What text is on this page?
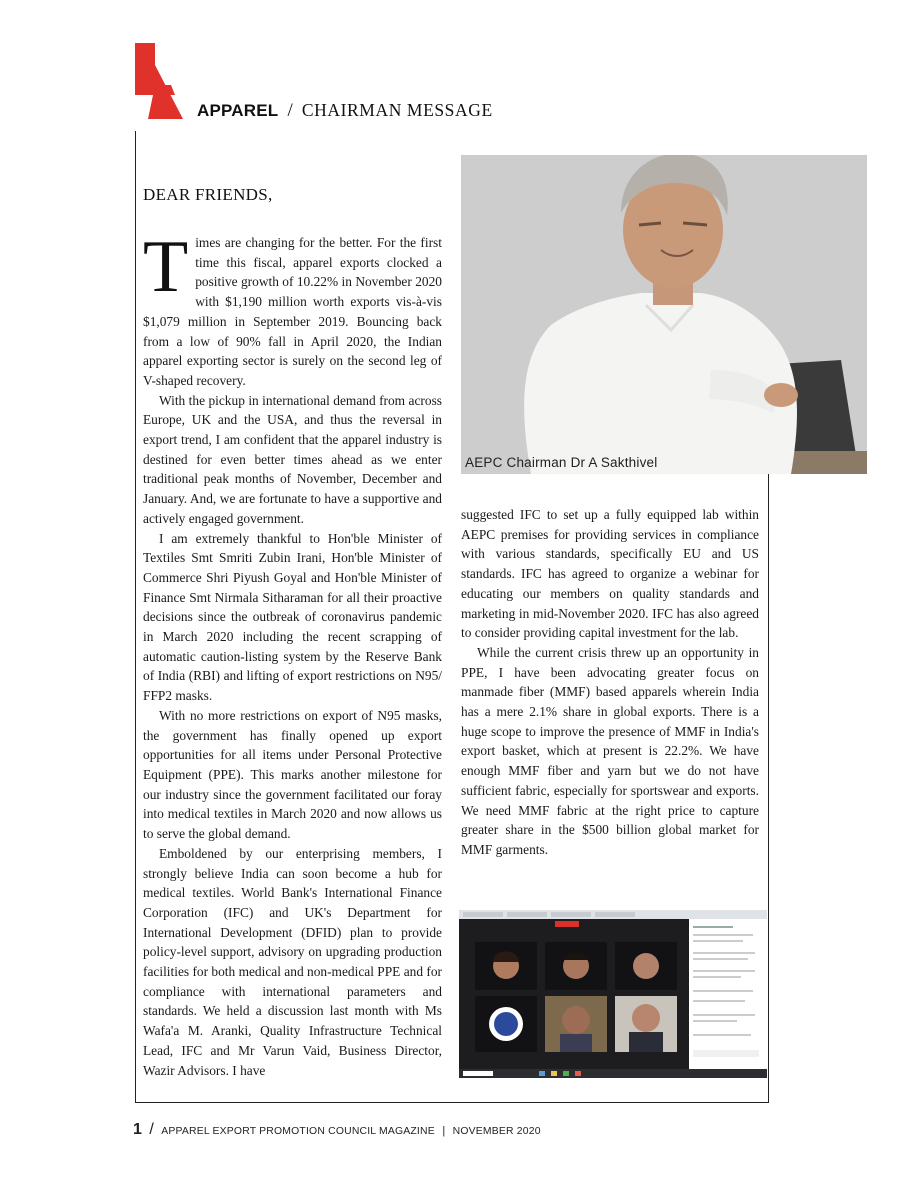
APPAREL / CHAIRMAN MESSAGE
DEAR FRIENDS,

Times are changing for the better. For the first time this fiscal, apparel exports clocked a positive growth of 10.22% in November 2020 with $1,190 million worth exports vis-à-vis $1,079 million in September 2019. Bouncing back from a low of 90% fall in April 2020, the Indian apparel exporting sector is surely on the second leg of V-shaped recovery.

With the pickup in international demand from across Europe, UK and the USA, and thus the reversal in export trend, I am confident that the apparel industry is destined for even better times ahead as we enter traditional peak months of November, December and January. And, we are fortunate to have a supportive and actively engaged government.

I am extremely thankful to Hon'ble Minister of Textiles Smt Smriti Zubin Irani, Hon'ble Minister of Commerce Shri Piyush Goyal and Hon'ble Minister of Finance Smt Nirmala Sitharaman for all their proactive decisions since the outbreak of coronavirus pandemic in March 2020 including the recent scrapping of automatic caution-listing system by the Reserve Bank of India (RBI) and lifting of export restrictions on N95/ FFP2 masks.

With no more restrictions on export of N95 masks, the government has finally opened up export opportunities for all items under Personal Protective Equipment (PPE). This marks another milestone for our industry since the government facilitated our foray into medical textiles in March 2020 and now allows us to serve the global demand.

Emboldened by our enterprising members, I strongly believe India can soon become a hub for medical textiles. World Bank's International Finance Corporation (IFC) and UK's Department for International Development (DFID) plan to provide policy-level support, advisory on upgrading production facilities for both medical and non-medical PPE and for compliance with international parameters and standards. We held a discussion last month with Ms Wafa'a M. Aranki, Quality Infrastructure Technical Lead, IFC and Mr Varun Vaid, Business Director, Wazir Advisors. I have

AEPC Chairman Dr A Sakthivel

suggested IFC to set up a fully equipped lab within AEPC premises for providing services in compliance with various standards, specifically EU and US standards. IFC has agreed to organize a webinar for educating our members on quality standards and marketing in mid-November 2020. IFC has also agreed to consider providing capital investment for the lab.

While the current crisis threw up an opportunity in PPE, I have been advocating greater focus on manmade fiber (MMF) based apparels wherein India has a mere 2.1% share in global exports. There is a huge scope to improve the presence of MMF in India's export basket, which at present is 22.2%. We have enough MMF fiber and yarn but we do not have sufficient fabric, especially for sportswear and exports. We need MMF fabric at the right price to capture greater share in the $500 billion global market for MMF garments.

1 / APPAREL EXPORT PROMOTION COUNCIL MAGAZINE | NOVEMBER 2020
